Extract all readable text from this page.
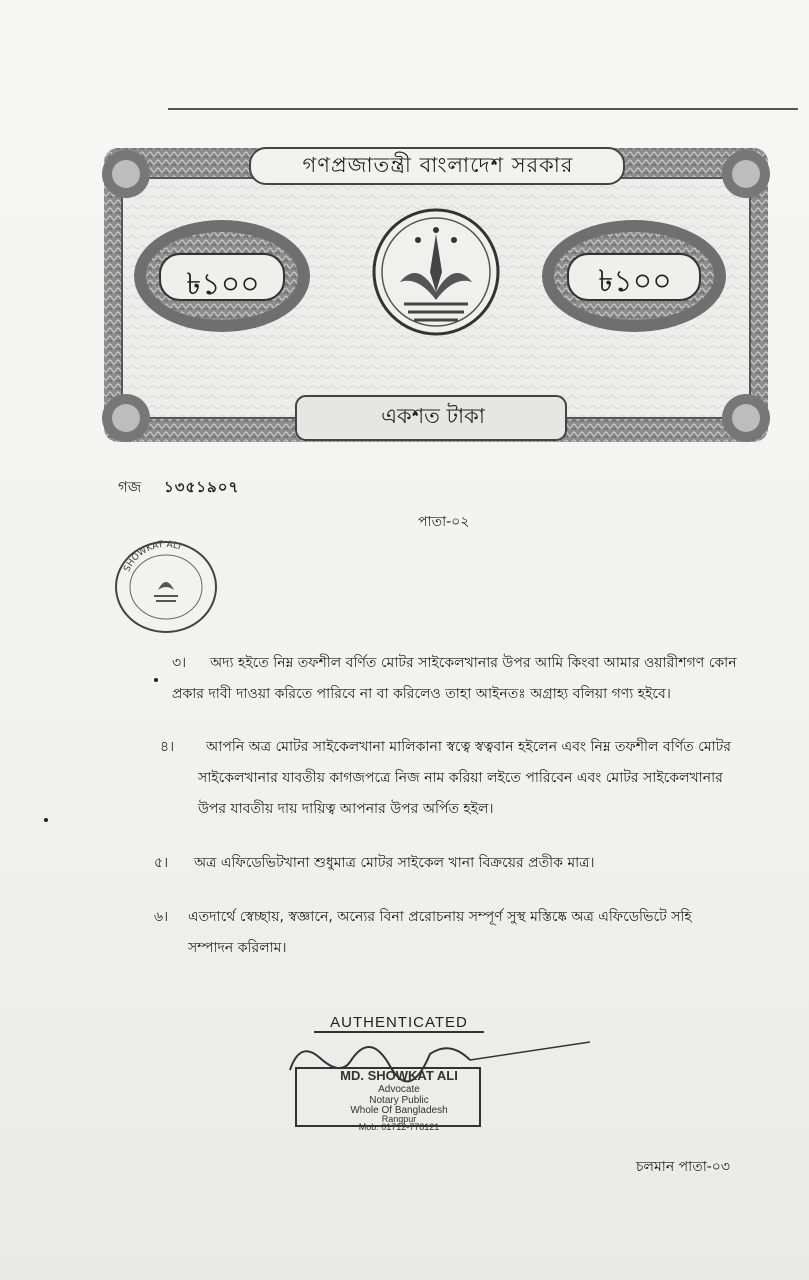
গণপ্রজাতন্ত্রী বাংলাদেশ সরকার
৳১০০	৳১০০
একশত টাকা
গজ ১৩৫১৯০৭
পাতা-০২
SHOWKAT ALI
৩। অদ্য হইতে নিম্ন তফশীল বর্ণিত মোটর সাইকেলখানার উপর আমি কিংবা আমার ওয়ারীশগণ কোন
প্রকার দাবী দাওয়া করিতে পারিবে না বা করিলেও তাহা আইনতঃ অগ্রাহ্য বলিয়া গণ্য হইবে।
৪। আপনি অত্র মোটর সাইকেলখানা মালিকানা স্বত্বে স্বত্ববান হইলেন এবং নিম্ন তফশীল বর্ণিত মোটর
সাইকেলখানার যাবতীয় কাগজপত্রে নিজ নাম করিয়া লইতে পারিবেন এবং মোটর সাইকেলখানার
উপর যাবতীয় দায় দায়িত্ব আপনার উপর অর্পিত হইল।
৫। অত্র এফিডেভিটখানা শুধুমাত্র মোটর সাইকেল খানা বিক্রয়ের প্রতীক মাত্র।
৬। এতদার্থে স্বেচ্ছায়, স্বজ্ঞানে, অন্যের বিনা প্ররোচনায় সম্পূর্ণ সুস্থ মস্তিষ্কে অত্র এফিডেভিটে সহি
সম্পাদন করিলাম।
AUTHENTICATED
MD. SHOWKAT ALI
Advocate
Notary Public
Whole Of Bangladesh
Rangpur
Mob: 01712-778121
চলমান পাতা-০৩
